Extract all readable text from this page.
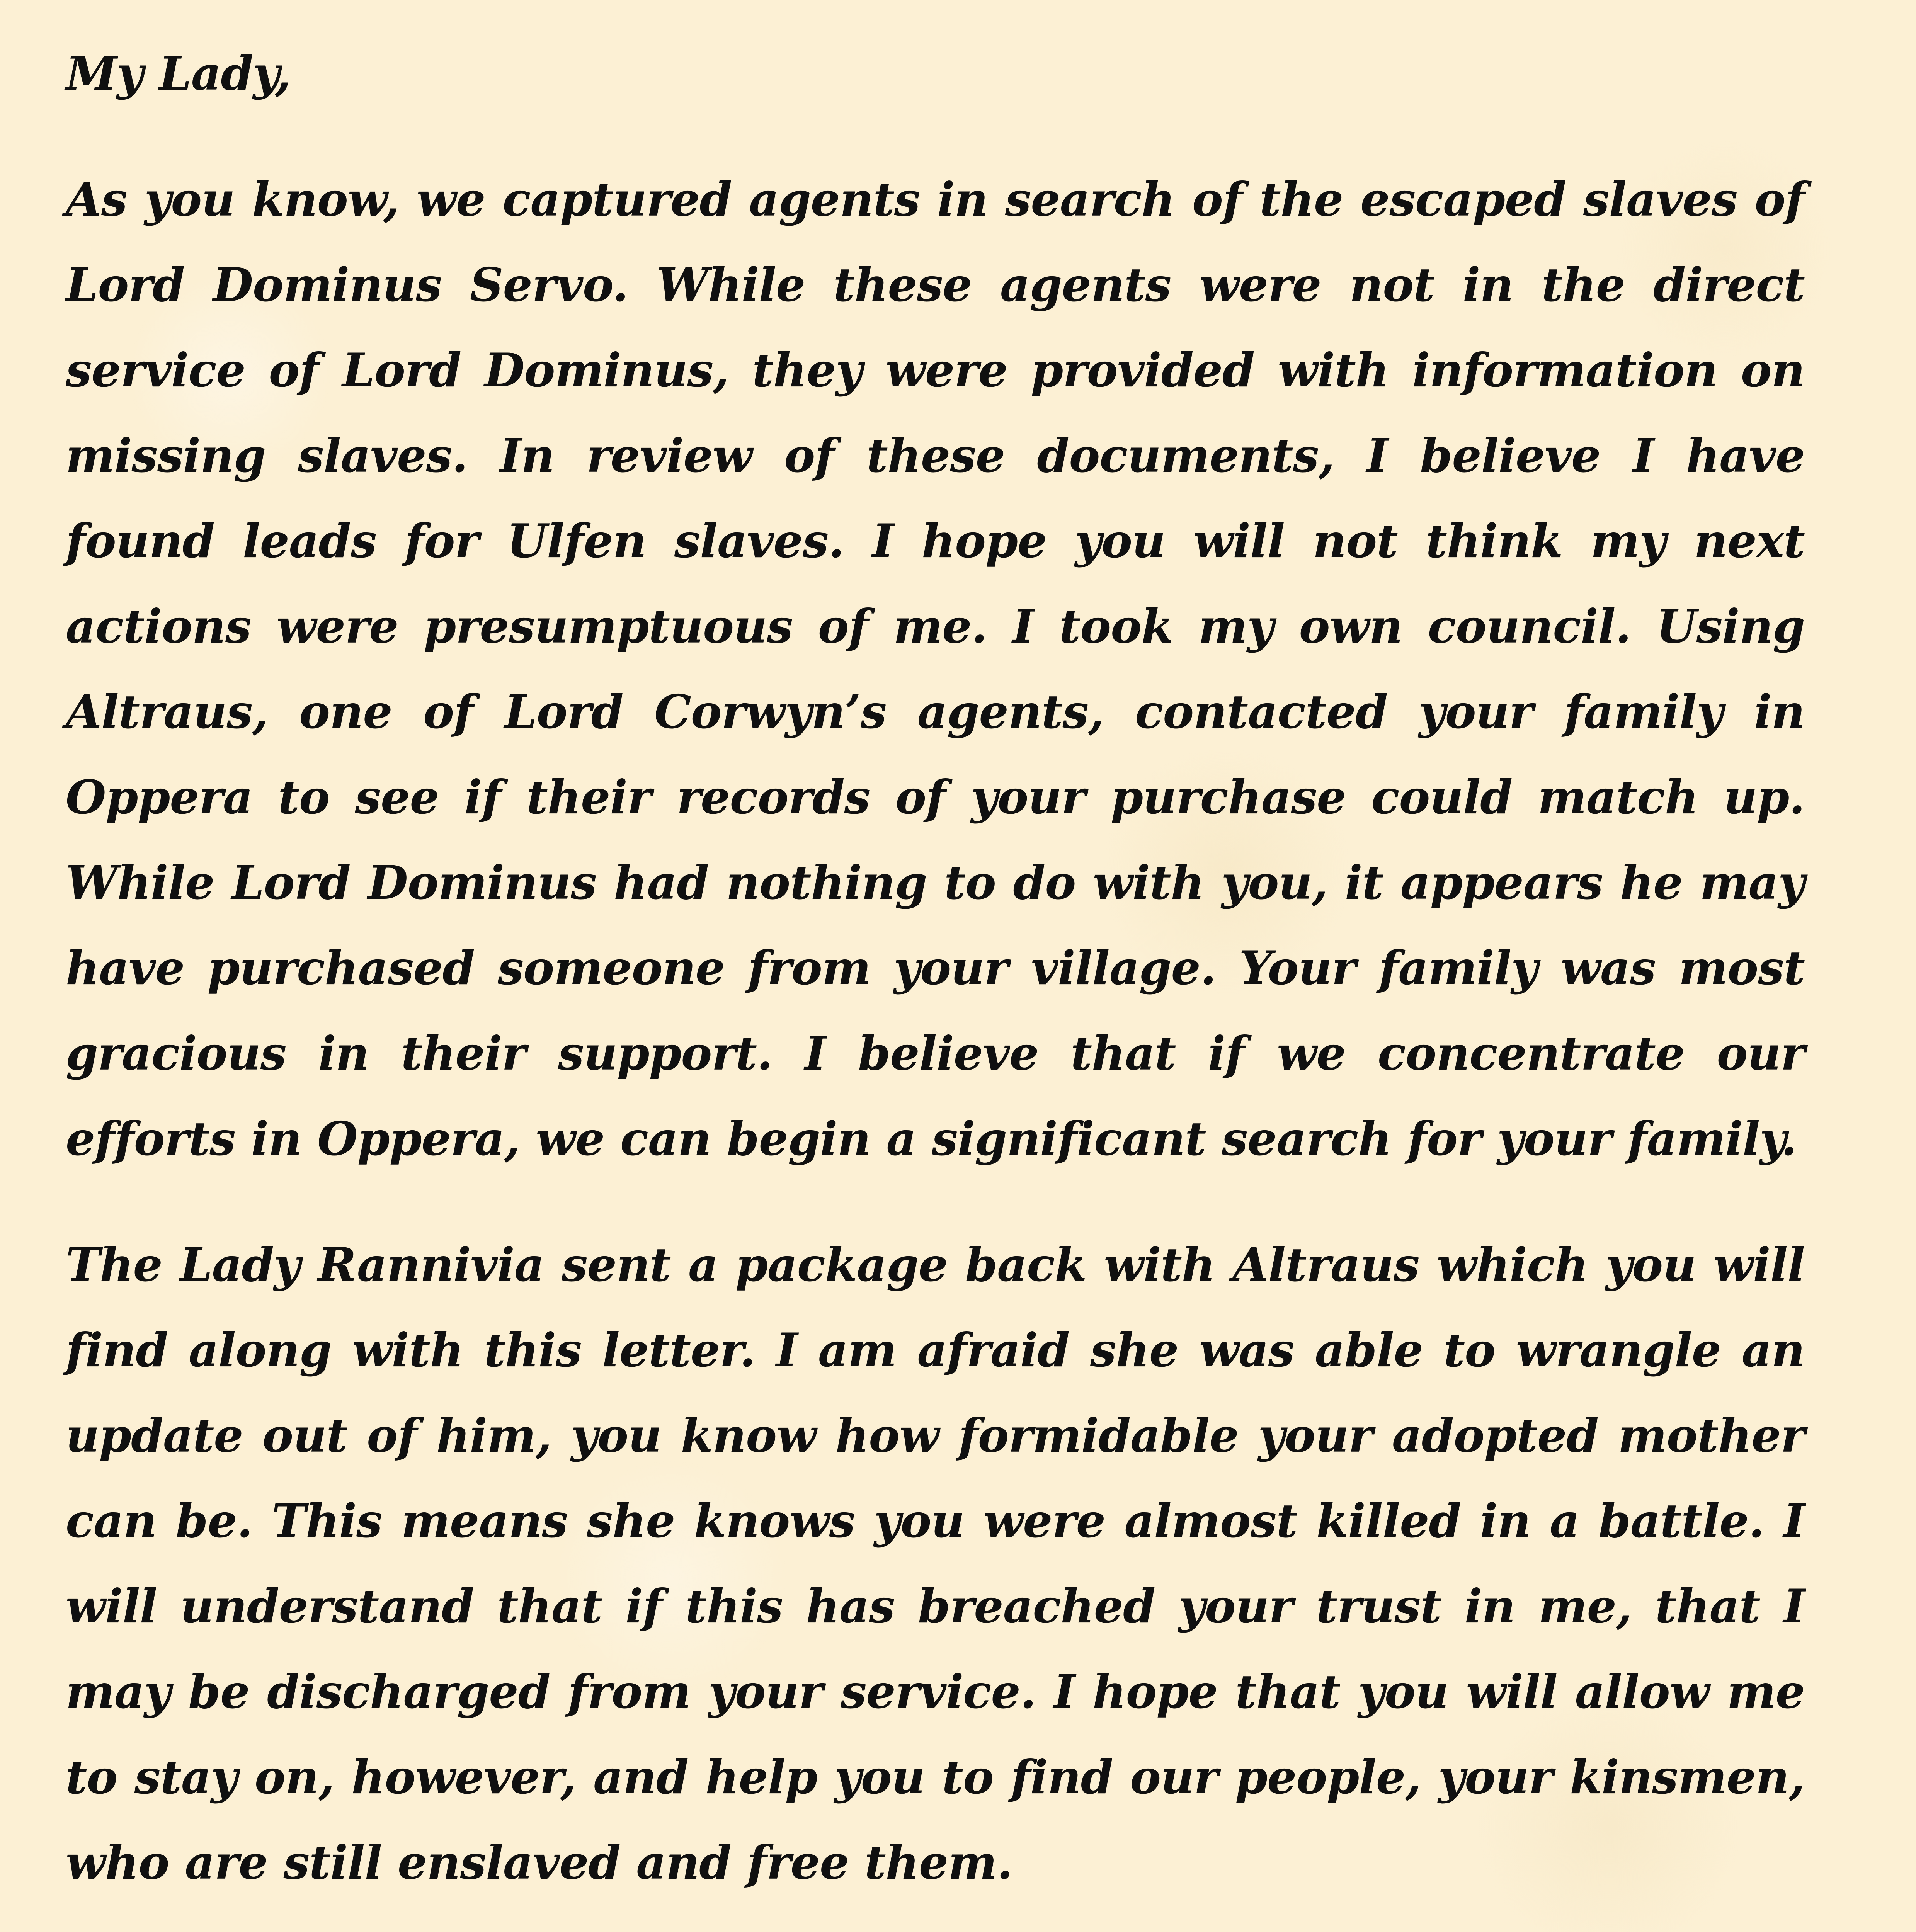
My Lady,

As you know, we captured agents in search of the escaped slaves of Lord Dominus Servo. While these agents were not in the direct service of Lord Dominus, they were provided with information on missing slaves. In review of these documents, I believe I have found leads for Ulfen slaves. I hope you will not think my next actions were presumptuous of me. I took my own council. Using Altraus, one of Lord Corwyn’s agents, contacted your family in Oppera to see if their records of your purchase could match up. While Lord Dominus had nothing to do with you, it appears he may have purchased someone from your village. Your family was most gracious in their support. I believe that if we concentrate our efforts in Oppera, we can begin a significant search for your family.

The Lady Rannivia sent a package back with Altraus which you will find along with this letter. I am afraid she was able to wrangle an update out of him, you know how formidable your adopted mother can be. This means she knows you were almost killed in a battle. I will understand that if this has breached your trust in me, that I may be discharged from your service. I hope that you will allow me to stay on, however, and help you to find our people, your kinsmen, who are still enslaved and free them.
